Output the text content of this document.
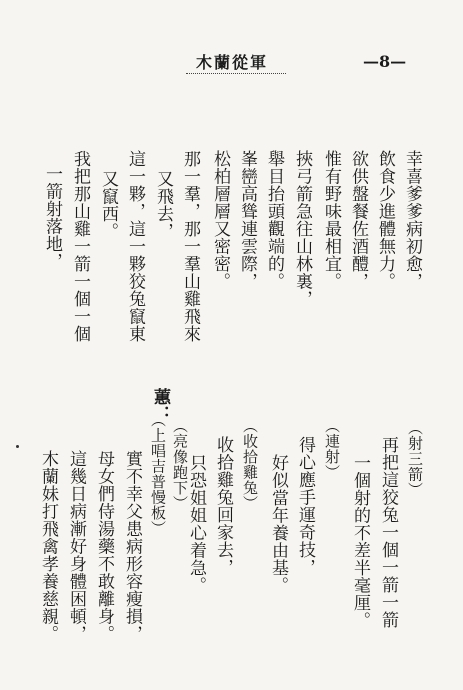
木蘭從軍	—8—
幸喜爹爹病初愈，
飲食少進體無力。
欲供盤餐佐酒醴，
惟有野味最相宜。
挾弓箭急往山林裏，
舉目抬頭觀端的。
峯巒高聳連雲際，
松柏層層又密密。
那一羣，那一羣山雞飛來
又飛去，
這一夥，這一夥狡兔竄東
又竄西。
我把那山雞一箭一個一個
一箭射落地，
（射三箭）
再把這狡兔一個一箭一箭
一個射的不差半毫厘。
（連射）
得心應手運奇技，
好似當年養由基。
（收拾雞兔）
收拾雞兔回家去，
只恐姐姐心着急。
（亮像跑下）
（上唱吉普慢板）
蕙：
實不幸父患病形容瘦損，
母女們侍湯藥不敢離身。
這幾日病漸好身體困頓，
木蘭妹打飛禽孝養慈親。
